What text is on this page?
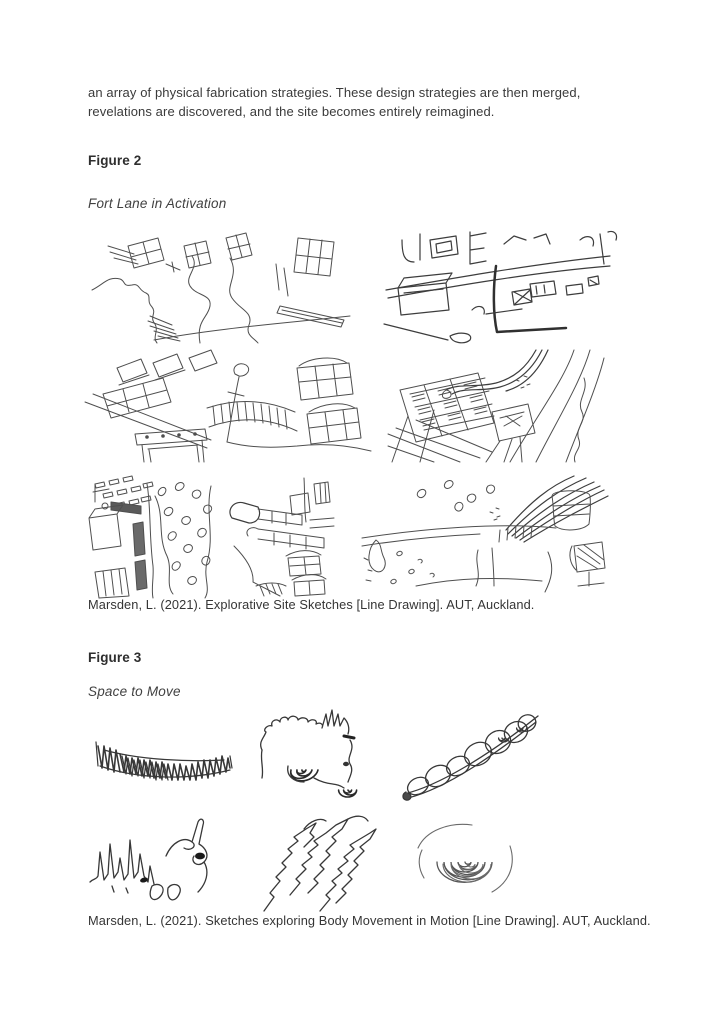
an array of physical fabrication strategies. These design strategies are then merged, revelations are discovered, and the site becomes entirely reimagined.

Figure 2
Fort Lane in Activation
Marsden, L. (2021). Explorative Site Sketches [Line Drawing]. AUT, Auckland.
Figure 3
Space to Move
Marsden, L. (2021). Sketches exploring Body Movement in Motion [Line Drawing]. AUT, Auckland.
